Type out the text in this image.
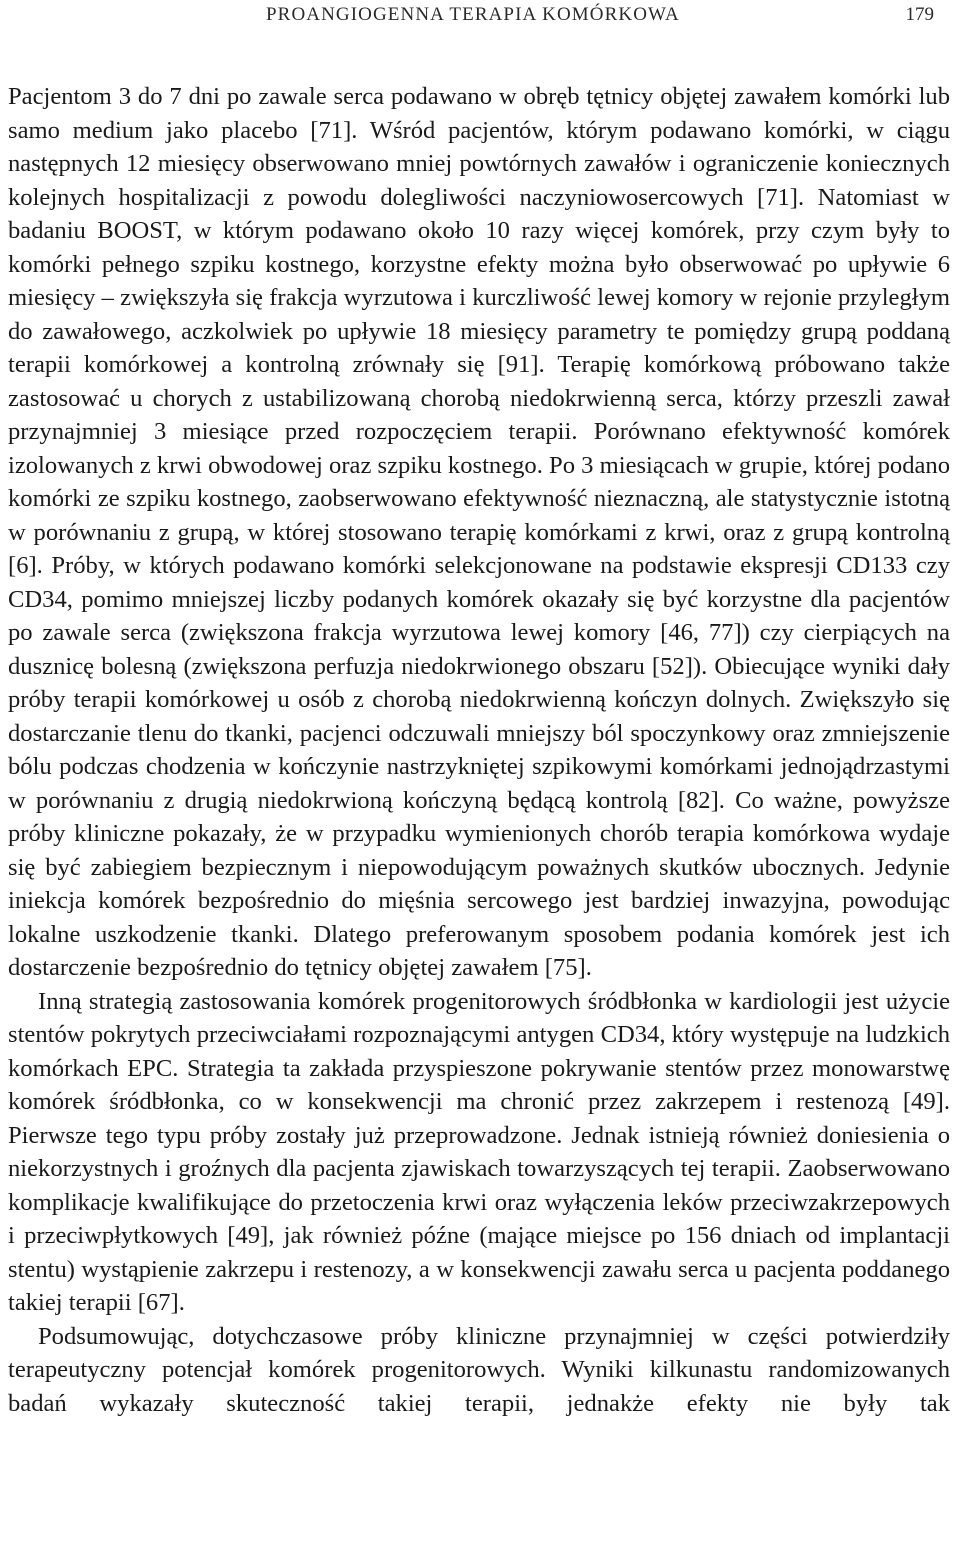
PROANGIOGENNA TERAPIA KOMÓRKOWA	179

Pacjentom 3 do 7 dni po zawale serca podawano w obręb tętnicy objętej zawałem komórki lub samo medium jako placebo [71]. Wśród pacjentów, którym podawano komórki, w ciągu następnych 12 miesięcy obserwowano mniej powtórnych zawałów i ograniczenie koniecznych kolejnych hospitalizacji z powodu dolegliwości naczyniowosercowych [71]. Natomiast w badaniu BOOST, w którym podawano około 10 razy więcej komórek, przy czym były to komórki pełnego szpiku kostnego, korzystne efekty można było obserwować po upływie 6 miesięcy – zwiększyła się frakcja wyrzutowa i kurczliwość lewej komory w rejonie przyległym do zawałowego, aczkolwiek po upływie 18 miesięcy parametry te pomiędzy grupą poddaną terapii komórkowej a kontrolną zrównały się [91]. Terapię komórkową próbowano także zastosować u chorych z ustabilizowaną chorobą niedokrwienną serca, którzy przeszli zawał przynajmniej 3 miesiące przed rozpoczęciem terapii. Porównano efektywność komórek izolowanych z krwi obwodowej oraz szpiku kostnego. Po 3 miesiącach w grupie, której podano komórki ze szpiku kostnego, zaobserwowano efektywność nieznaczną, ale statystycznie istotną w porównaniu z grupą, w której stosowano terapię komórkami z krwi, oraz z grupą kontrolną [6]. Próby, w których podawano komórki selekcjonowane na podstawie ekspresji CD133 czy CD34, pomimo mniejszej liczby podanych komórek okazały się być korzystne dla pacjentów po zawale serca (zwiększona frakcja wyrzutowa lewej komory [46, 77]) czy cierpiących na dusznicę bolesną (zwiększona perfuzja niedokrwionego obszaru [52]). Obiecujące wyniki dały próby terapii komórkowej u osób z chorobą niedokrwienną kończyn dolnych. Zwiększyło się dostarczanie tlenu do tkanki, pacjenci odczuwali mniejszy ból spoczynkowy oraz zmniejszenie bólu podczas chodzenia w kończynie nastrzykniętej szpikowymi komórkami jednojądrzastymi w porównaniu z drugią niedokrwioną kończyną będącą kontrolą [82]. Co ważne, powyższe próby kliniczne pokazały, że w przypadku wymienionych chorób terapia komórkowa wydaje się być zabiegiem bezpiecznym i niepowodującym poważnych skutków ubocznych. Jedynie iniekcja komórek bezpośrednio do mięśnia sercowego jest bardziej inwazyjna, powodując lokalne uszkodzenie tkanki. Dlatego preferowanym sposobem podania komórek jest ich dostarczenie bezpośrednio do tętnicy objętej zawałem [75].

Inną strategią zastosowania komórek progenitorowych śródbłonka w kardiologii jest użycie stentów pokrytych przeciwciałami rozpoznającymi antygen CD34, który występuje na ludzkich komórkach EPC. Strategia ta zakłada przyspieszone pokrywanie stentów przez monowarstwę komórek śródbłonka, co w konsekwencji ma chronić przez zakrzepem i restenozą [49]. Pierwsze tego typu próby zostały już przeprowadzone. Jednak istnieją również doniesienia o niekorzystnych i groźnych dla pacjenta zjawiskach towarzyszących tej terapii. Zaobserwowano komplikacje kwalifikujące do przetoczenia krwi oraz wyłączenia leków przeciwzakrzepowych i przeciwpłytkowych [49], jak również późne (mające miejsce po 156 dniach od implantacji stentu) wystąpienie zakrzepu i restenozy, a w konsekwencji zawału serca u pacjenta poddanego takiej terapii [67].

Podsumowując, dotychczasowe próby kliniczne przynajmniej w części potwierdziły terapeutyczny potencjał komórek progenitorowych. Wyniki kilkunastu randomizowanych badań wykazały skuteczność takiej terapii, jednakże efekty nie były tak
